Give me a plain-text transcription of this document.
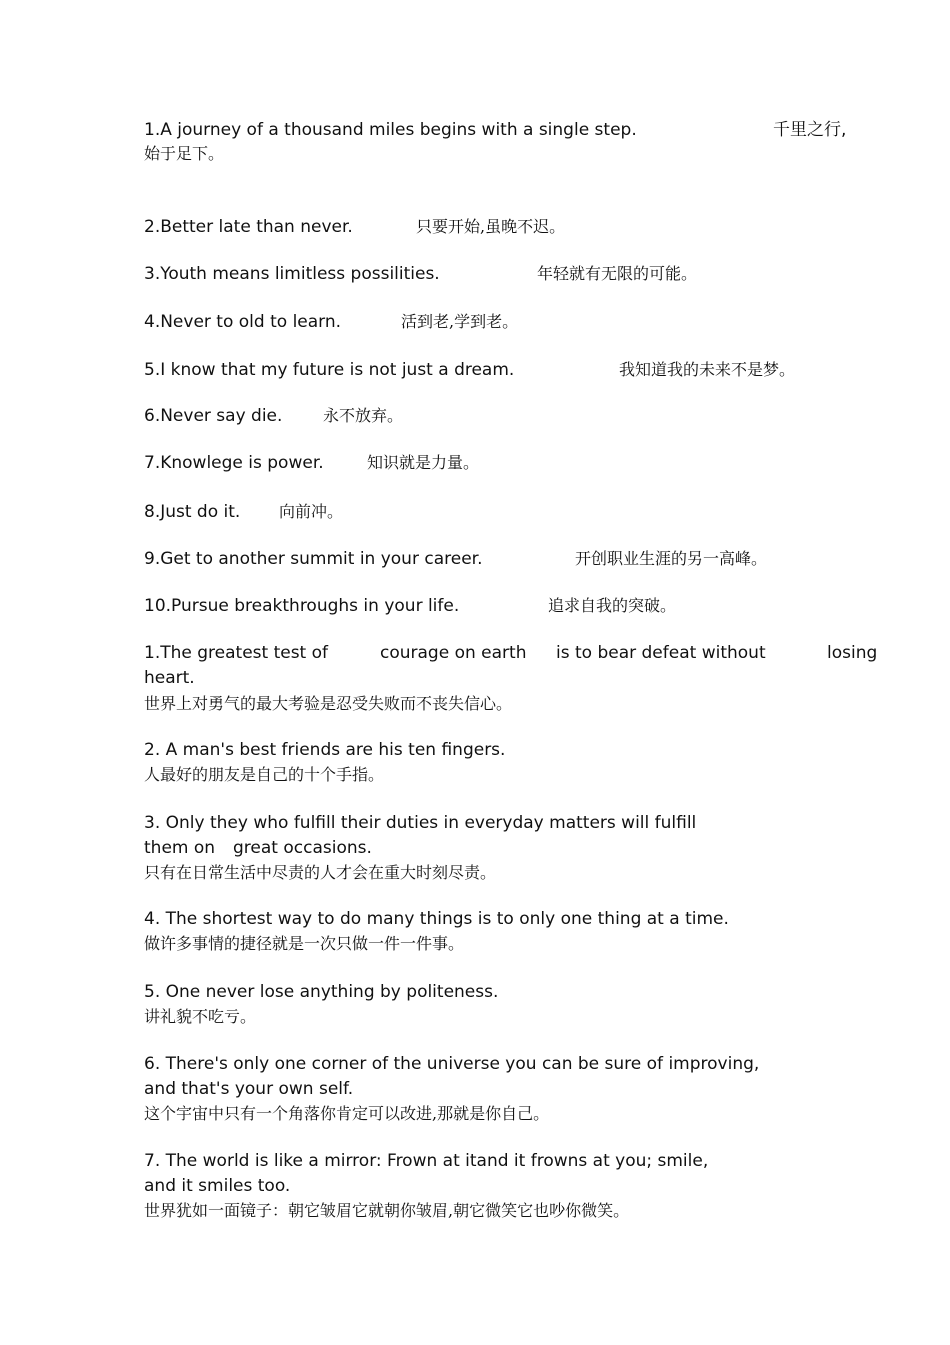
1.A journey of a thousand miles begins with a single step.	千里之行,
始于足下。
2.Better late than never.	只要开始,虽晚不迟。
3.Youth means limitless possilities.	年轻就有无限的可能。
4.Never to old to learn.	活到老,学到老。
5.I know that my future is not just a dream.	我知道我的未来不是梦。
6.Never say die.	永不放弃。
7.Knowlege is power.	知识就是力量。
8.Just do it. 向前冲。
9.Get to another summit in your career.	开创职业生涯的另一高峰。
10.Pursue breakthroughs in your life.	追求自我的突破。
1.The greatest test of	courage on earth is to bear defeat without	losing
heart.
世界上对勇气的最大考验是忍受失败而不丧失信心。
2. A man's best friends are his ten fingers.
人最好的朋友是自己的十个手指。
3. Only they who fulfill their duties in everyday matters will fulfill
them on great occasions.
只有在日常生活中尽责的人才会在重大时刻尽责。
4. The shortest way to do many things is to only one thing at a time.
做许多事情的捷径就是一次只做一件一件事。
5. One never lose anything by politeness.
讲礼貌不吃亏。
6. There's only one corner of the universe you can be sure of improving,
and that's your own self.
这个宇宙中只有一个角落你肯定可以改进,那就是你自己。
7. The world is like a mirror: Frown at itand it frowns at you; smile,
and it smiles too.
世界犹如一面镜子：朝它皱眉它就朝你皱眉,朝它微笑它也吵你微笑。
